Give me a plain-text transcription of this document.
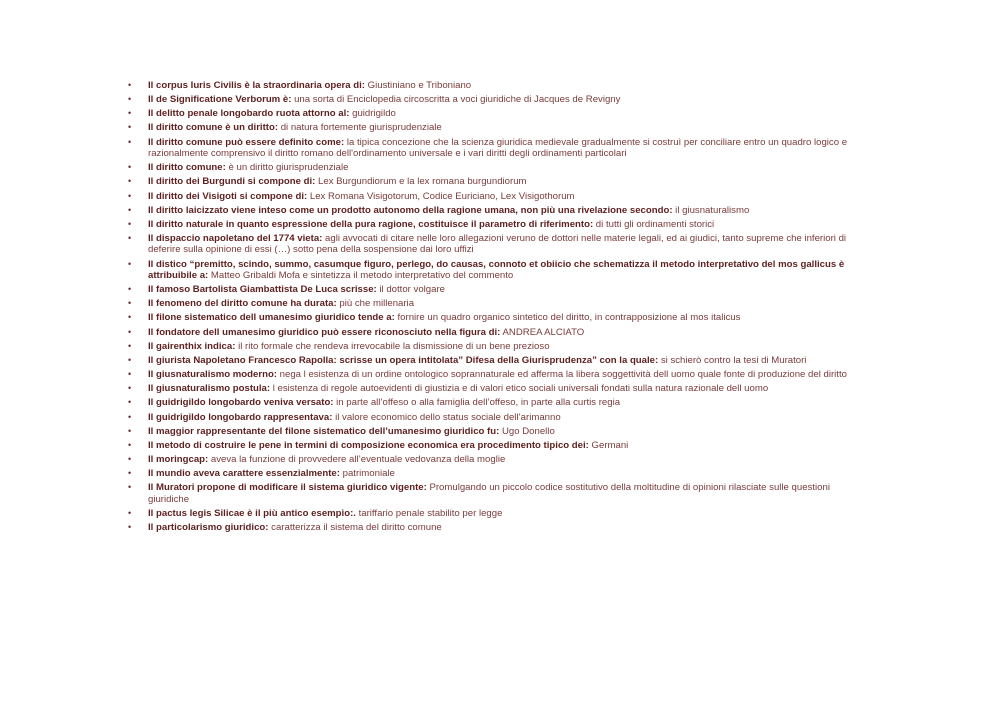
•	Il corpus Iuris Civilis è la straordinaria opera di: Giustiniano e Triboniano
•	Il de Significatione Verborum è: una sorta di Enciclopedia circoscritta a voci giuridiche di Jacques de Revigny
•	Il delitto penale longobardo ruota attorno al: guidrigildo
•	Il diritto comune è un diritto: di natura fortemente giurisprudenziale
•	Il diritto comune può essere definito come: la tipica concezione che la scienza giuridica medievale gradualmente si costruì per conciliare entro un quadro logico e razionalmente comprensivo il diritto romano dell'ordinamento universale e i vari diritti degli ordinamenti particolari
•	Il diritto comune: è un diritto giurisprudenziale
•	Il diritto dei Burgundi si compone di: Lex Burgundiorum e la lex romana burgundiorum
•	Il diritto dei Visigoti si compone di: Lex Romana Visigotorum, Codice Euriciano, Lex Visigothorum
•	Il diritto laicizzato viene inteso come un prodotto autonomo della ragione umana, non più una rivelazione secondo: il giusnaturalismo
•	Il diritto naturale in quanto espressione della pura ragione, costituisce il parametro di riferimento: di tutti gli ordinamenti storici
•	Il dispaccio napoletano del 1774 vieta: agli avvocati di citare nelle loro allegazioni veruno de dottori nelle materie legali, ed ai giudici, tanto supreme che inferiori di deferire sulla opinione di essi (…) sotto pena della sospensione dai loro uffizi
•	Il distico “premitto, scindo, summo, casumque figuro, perlego, do causas, connoto et obiicio che schematizza il metodo interpretativo del mos gallicus è attribuibile a: Matteo Gribaldi Mofa e sintetizza il metodo interpretativo del commento
•	Il famoso Bartolista Giambattista De Luca scrisse: il dottor volgare
•	Il fenomeno del diritto comune ha durata: più che millenaria
•	Il filone sistematico dell umanesimo giuridico tende a: fornire un quadro organico sintetico del diritto, in contrapposizione al mos italicus
•	Il fondatore dell umanesimo giuridico può essere riconosciuto nella figura di: ANDREA ALCIATO
•	Il gairenthix indica: il rito formale che rendeva irrevocabile la dismissione di un bene prezioso
•	Il giurista Napoletano Francesco Rapolla: scrisse un opera intitolata” Difesa della Giurisprudenza” con la quale: si schierò contro la tesi di Muratori
•	Il giusnaturalismo moderno: nega l esistenza di un ordine ontologico soprannaturale ed afferma la libera soggettività dell uomo quale fonte di produzione del diritto
•	Il giusnaturalismo postula: l esistenza di regole autoevidenti di giustizia e di valori etico sociali universali fondati sulla natura razionale dell uomo
•	Il guidrigildo longobardo veniva versato: in parte all’offeso o alla famiglia dell’offeso, in parte alla curtis regia
•	Il guidrigildo longobardo rappresentava: il valore economico dello status sociale dell’arimanno
•	Il maggior rappresentante del filone sistematico dell’umanesimo giuridico fu: Ugo Donello
•	Il metodo di costruire le pene in termini di composizione economica era procedimento tipico dei: Germani
•	Il moringcap: aveva la funzione di provvedere all’eventuale vedovanza della moglie
•	Il mundio aveva carattere essenzialmente: patrimoniale
•	Il Muratori propone di modificare il sistema giuridico vigente: Promulgando un piccolo codice sostitutivo della moltitudine di opinioni rilasciate sulle questioni giuridiche
•	Il pactus legis Silicae è il più antico esempio:. tariffario penale stabilito per legge
•	Il particolarismo giuridico: caratterizza il sistema del diritto comune
